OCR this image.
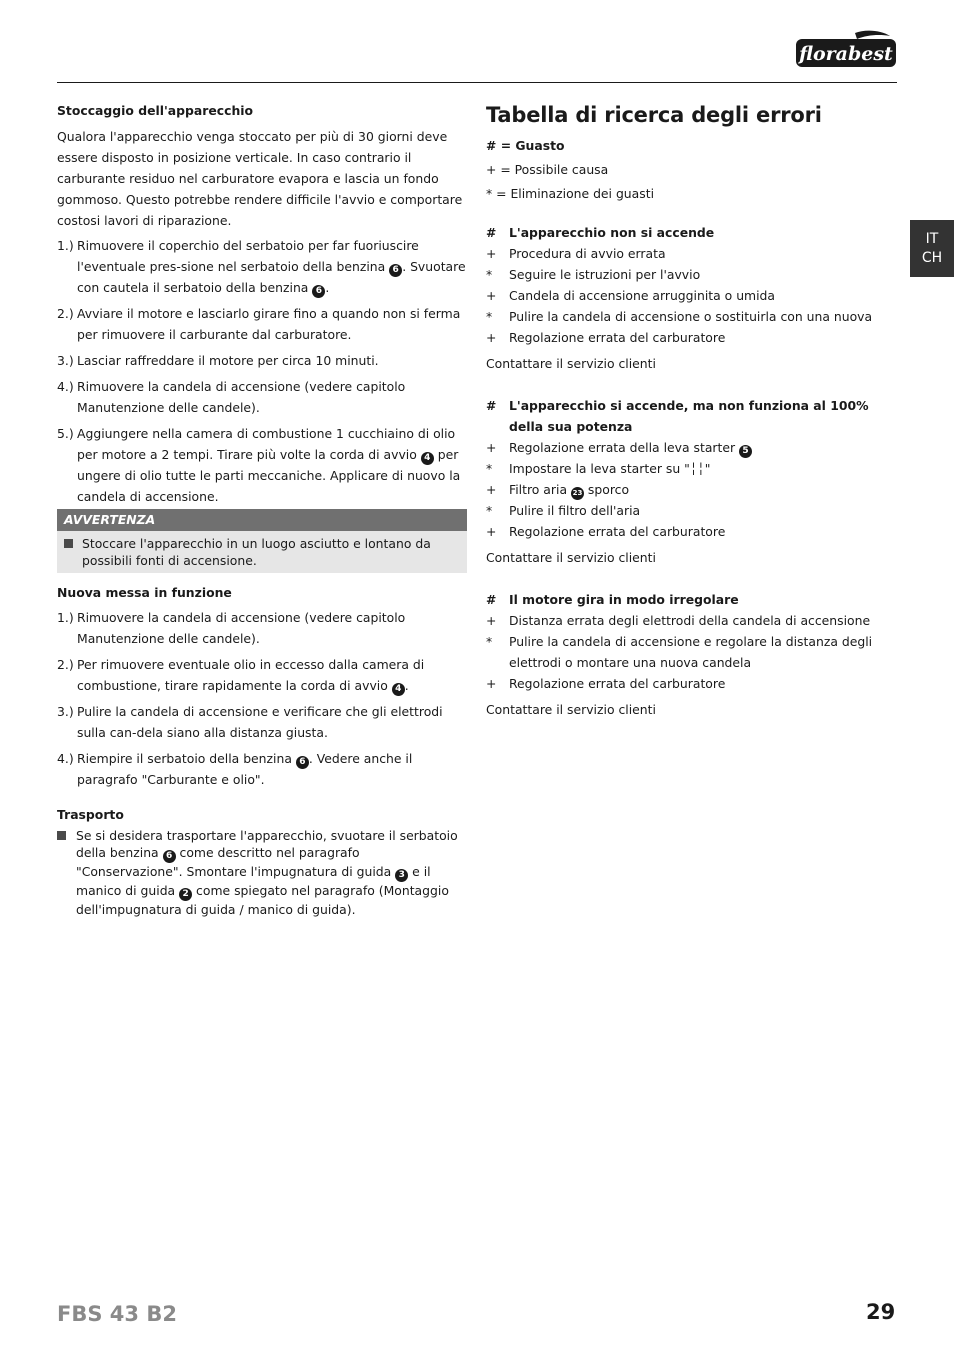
florabest
IT
CH
Stoccaggio dell'apparecchio

Qualora l'apparecchio venga stoccato per più di 30 giorni deve essere disposto in posizione verticale. In caso contrario il carburante residuo nel carburatore evapora e lascia un fondo gommoso. Questo potrebbe rendere difficile l'avvio e comportare costosi lavori di riparazione.

1.) Rimuovere il coperchio del serbatoio per far fuoriuscire l'eventuale pres-sione nel serbatoio della benzina 6 . Svuotare con cautela il serbatoio della benzina 6 .
2.) Avviare il motore e lasciarlo girare fino a quando non si ferma per rimuovere il carburante dal carburatore.
3.) Lasciar raffreddare il motore per circa 10 minuti.
4.) Rimuovere la candela di accensione (vedere capitolo Manutenzione delle candele).
5.) Aggiungere nella camera di combustione 1 cucchiaino di olio per motore a 2 tempi. Tirare più volte la corda di avvio 4 per ungere di olio tutte le parti meccaniche. Applicare di nuovo la candela di accensione.
AVVERTENZA
Stoccare l'apparecchio in un luogo asciutto e lontano da possibili fonti di accensione.
Nuova messa in funzione
1.) Rimuovere la candela di accensione (vedere capitolo Manutenzione delle candele).
2.) Per rimuovere eventuale olio in eccesso dalla camera di combustione, tirare rapidamente la corda di avvio 4 .
3.) Pulire la candela di accensione e verificare che gli elettrodi sulla can-dela siano alla distanza giusta.
4.) Riempire il serbatoio della benzina 6 . Vedere anche il paragrafo "Carburante e olio".
Trasporto
Se si desidera trasportare l'apparecchio, svuotare il serbatoio della benzina 6 come descritto nel paragrafo "Conservazione". Smontare l'impugnatura di guida 3 e il manico di guida 2 come spiegato nel paragrafo (Montaggio dell'impugnatura di guida / manico di guida).
Tabella di ricerca degli errori
# = Guasto
+ = Possibile causa
* = Eliminazione dei guasti
# L'apparecchio non si accende
+ Procedura di avvio errata
* Seguire le istruzioni per l'avvio
+ Candela di accensione arrugginita o umida
* Pulire la candela di accensione o sostituirla con una nuova
+ Regolazione errata del carburatore
Contattare il servizio clienti
# L'apparecchio si accende, ma non funziona al 100% della sua potenza
+ Regolazione errata della leva starter 5
* Impostare la leva starter su "╎╎"
+ Filtro aria 23 sporco
* Pulire il filtro dell'aria
+ Regolazione errata del carburatore
Contattare il servizio clienti
# Il motore gira in modo irregolare
+ Distanza errata degli elettrodi della candela di accensione
* Pulire la candela di accensione e regolare la distanza degli elettrodi o montare una nuova candela
+ Regolazione errata del carburatore
Contattare il servizio clienti
FBS 43 B2	29
